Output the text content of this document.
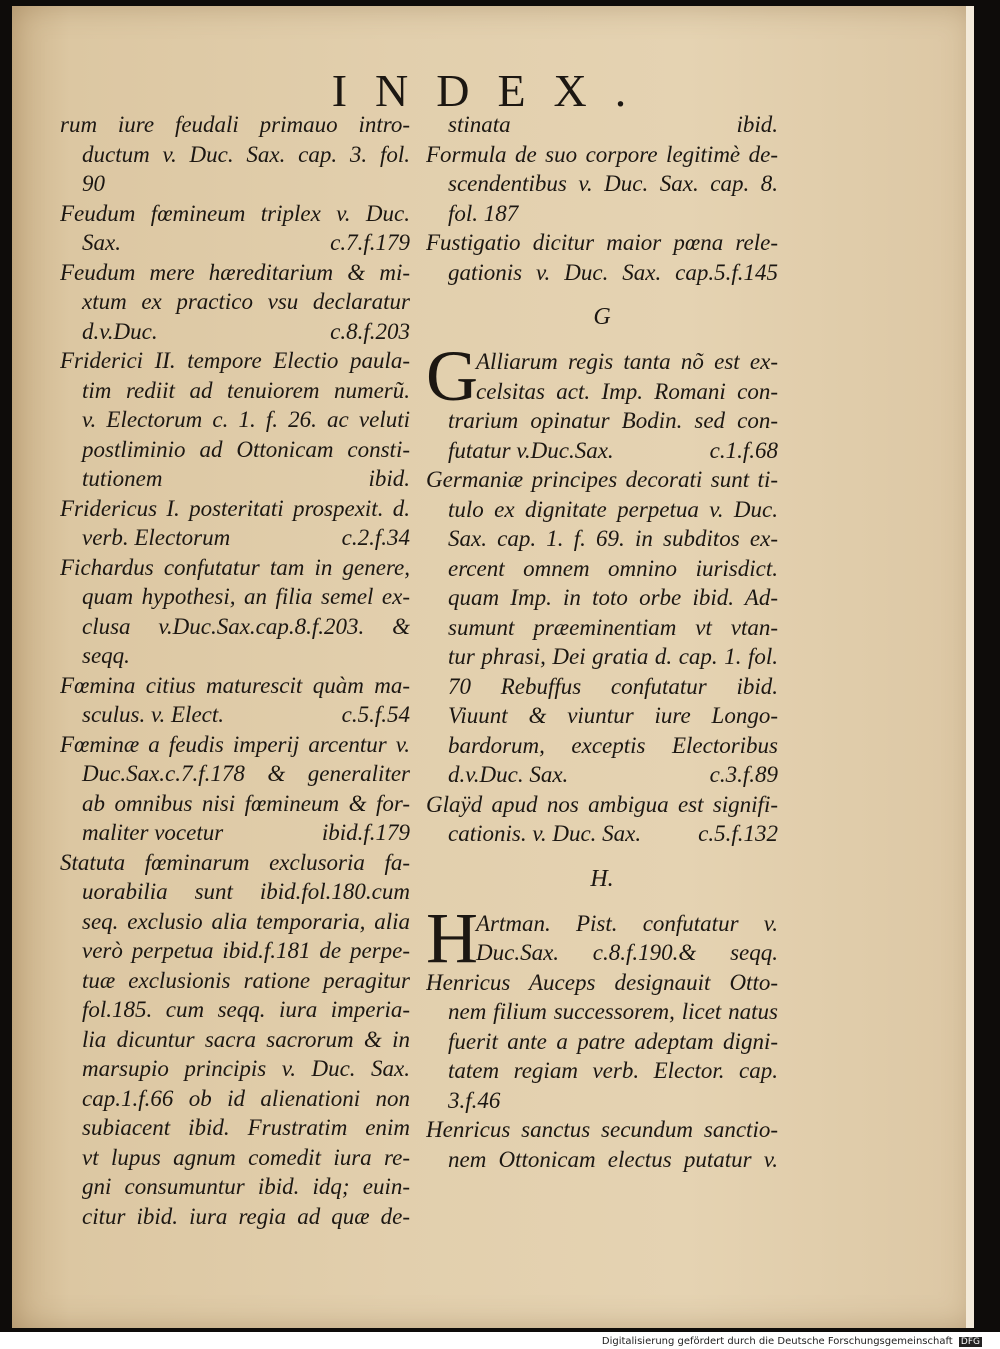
INDEX.
rum iure feudali primauo intro-
ductum v. Duc. Sax. cap. 3. fol.
90
Feudum fœmineum triplex v. Duc.
Sax.	c.7.f.179
Feudum mere hæreditarium & mi-
xtum ex practico vsu declaratur
d.v.Duc.	c.8.f.203
Friderici II. tempore Electio paula-
tim rediit ad tenuiorem numerũ.
v. Electorum c. 1. f. 26. ac veluti
postliminio ad Ottonicam consti-
tutionem	ibid.
Fridericus I. posteritati prospexit. d.
verb. Electorum	c.2.f.34
Fichardus confutatur tam in genere,
quam hypothesi, an filia semel ex-
clusa v.Duc.Sax.cap.8.f.203. &
seqq.
Fœmina citius maturescit quàm ma-
sculus. v. Elect.	c.5.f.54
Fœminæ a feudis imperij arcentur v.
Duc.Sax.c.7.f.178 & generaliter
ab omnibus nisi fœmineum & for-
maliter vocetur	ibid.f.179
Statuta fœminarum exclusoria fa-
uorabilia sunt ibid.fol.180.cum
seq. exclusio alia temporaria, alia
verò perpetua ibid.f.181 de perpe-
tuæ exclusionis ratione peragitur
fol.185. cum seqq. iura imperia-
lia dicuntur sacra sacrorum & in
marsupio principis v. Duc. Sax.
cap.1.f.66 ob id alienationi non
subiacent ibid. Frustratim enim
vt lupus agnum comedit iura re-
gni consumuntur ibid. idq; euin-
citur ibid. iura regia ad quæ de-
stinata	ibid.
Formula de suo corpore legitimè de-
scendentibus v. Duc. Sax. cap. 8.
fol. 187
Fustigatio dicitur maior pœna rele-
gationis v. Duc. Sax. cap.5.f.145
G
G
Alliarum regis tanta nõ est ex-
celsitas act. Imp. Romani con-
trarium opinatur Bodin. sed con-
futatur v.Duc.Sax.	c.1.f.68
Germaniæ principes decorati sunt ti-
tulo ex dignitate perpetua v. Duc.
Sax. cap. 1. f. 69. in subditos ex-
ercent omnem omnino iurisdict.
quam Imp. in toto orbe ibid. Ad-
sumunt præeminentiam vt vtan-
tur phrasi, Dei gratia d. cap. 1. fol.
70 Rebuffus confutatur ibid.
Viuunt & viuntur iure Longo-
bardorum, exceptis Electoribus
d.v.Duc. Sax.	c.3.f.89
Glaÿd apud nos ambigua est signifi-
cationis. v. Duc. Sax. c.5.f.132
H.
H
Artman. Pist. confutatur v.
Duc.Sax. c.8.f.190.& seqq.
Henricus Auceps designauit Otto-
nem filium successorem, licet natus
fuerit ante a patre adeptam digni-
tatem regiam verb. Elector. cap.
3.f.46
Henricus sanctus secundum sanctio-
nem Ottonicam electus putatur v.
Digitalisierung gefördert durch die Deutsche Forschungsgemeinschaft DFG
